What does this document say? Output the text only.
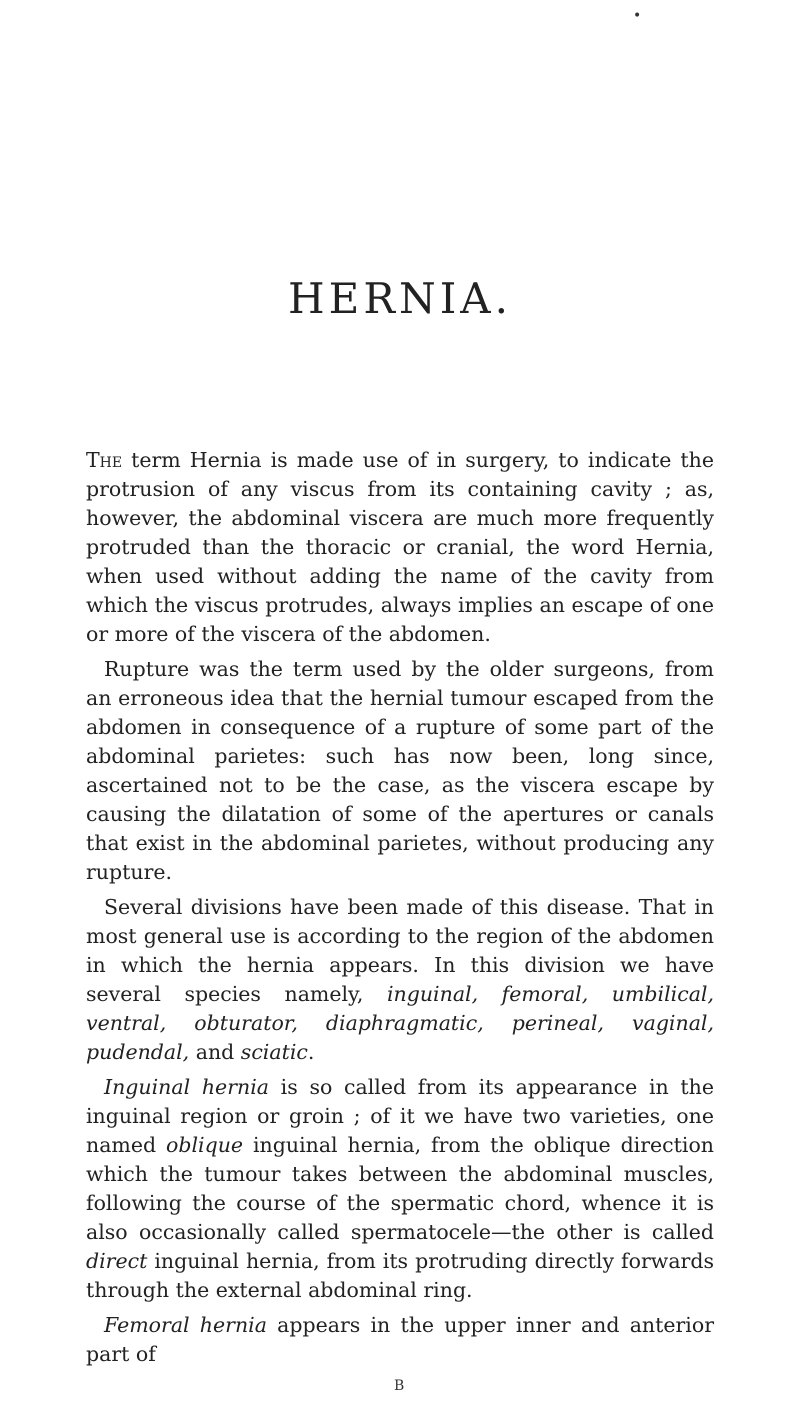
•
HERNIA.

The term Hernia is made use of in surgery, to indicate the protrusion of any viscus from its containing cavity ; as, however, the abdominal viscera are much more frequently protruded than the thoracic or cranial, the word Hernia, when used without adding the name of the cavity from which the viscus protrudes, always implies an escape of one or more of the viscera of the abdomen.

Rupture was the term used by the older surgeons, from an erroneous idea that the hernial tumour escaped from the abdomen in consequence of a rupture of some part of the abdominal parietes: such has now been, long since, ascertained not to be the case, as the viscera escape by causing the dilatation of some of the apertures or canals that exist in the abdominal parietes, without producing any rupture.

Several divisions have been made of this disease. That in most general use is according to the region of the abdomen in which the hernia appears. In this division we have several species namely, inguinal, femoral, umbilical, ventral, obturator, diaphragmatic, perineal, vaginal, pudendal, and sciatic.

Inguinal hernia is so called from its appearance in the inguinal region or groin ; of it we have two varieties, one named oblique inguinal hernia, from the oblique direction which the tumour takes between the abdominal muscles, following the course of the spermatic chord, whence it is also occasionally called spermatocele—the other is called direct inguinal hernia, from its protruding directly forwards through the external abdominal ring.

Femoral hernia appears in the upper inner and anterior part of

B
